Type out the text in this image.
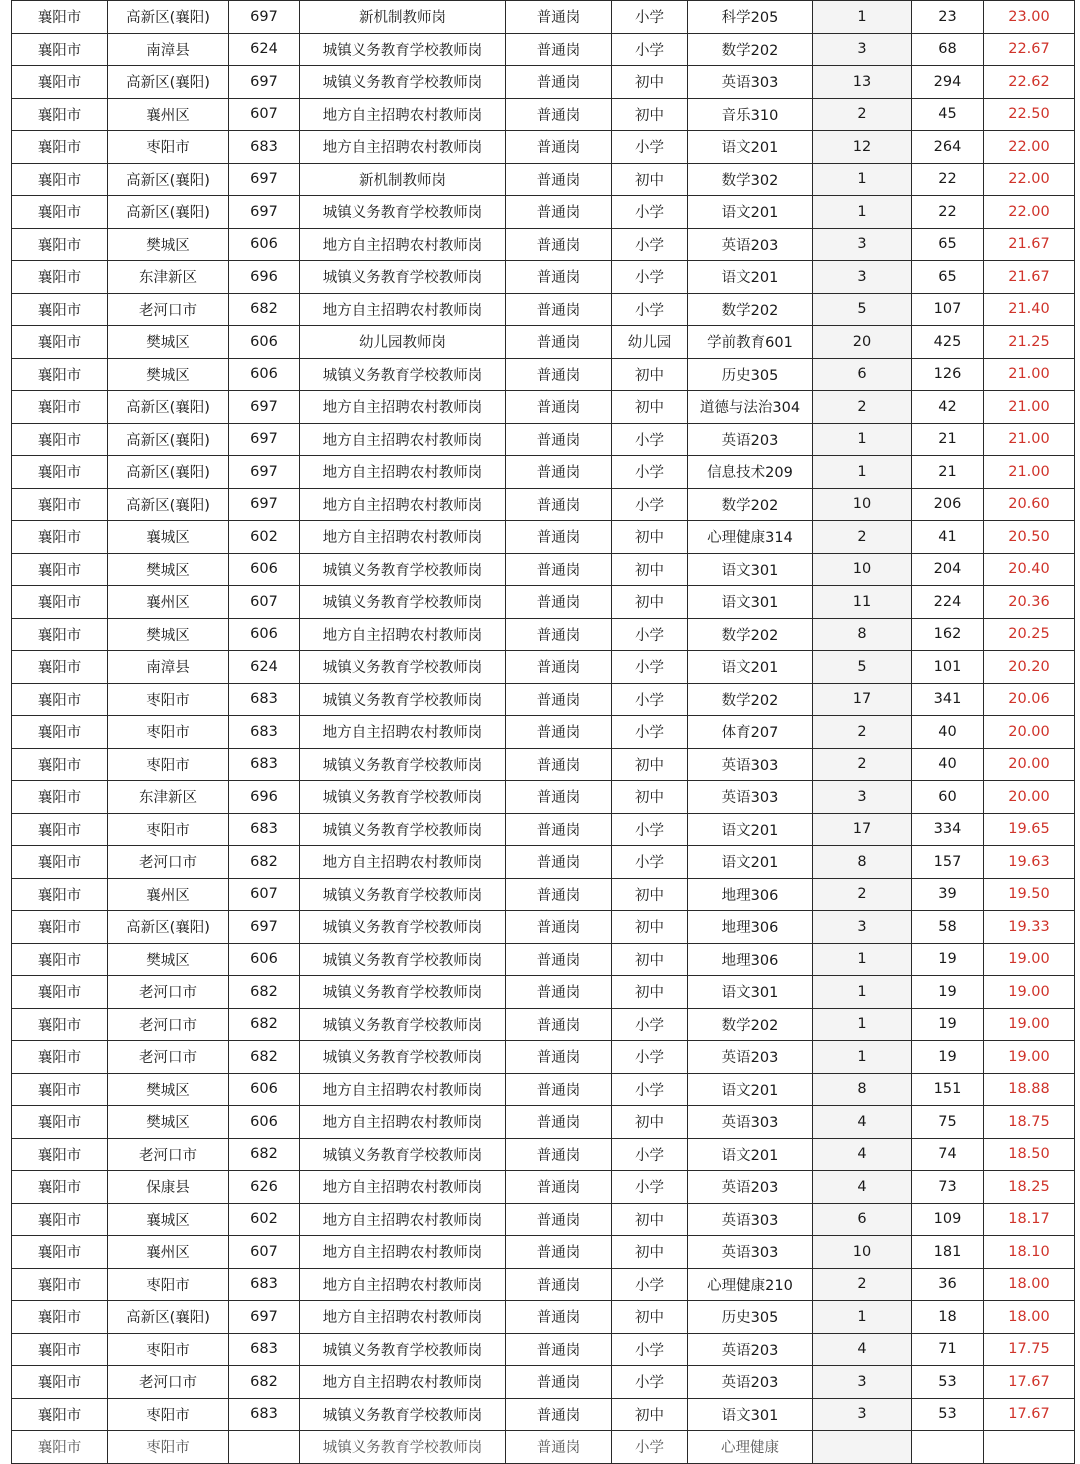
襄阳市	高新区(襄阳)	697	新机制教师岗	普通岗	小学	科学205	1	23	23.00
襄阳市	南漳县	624	城镇义务教育学校教师岗	普通岗	小学	数学202	3	68	22.67
襄阳市	高新区(襄阳)	697	城镇义务教育学校教师岗	普通岗	初中	英语303	13	294	22.62
襄阳市	襄州区	607	地方自主招聘农村教师岗	普通岗	初中	音乐310	2	45	22.50
襄阳市	枣阳市	683	地方自主招聘农村教师岗	普通岗	小学	语文201	12	264	22.00
襄阳市	高新区(襄阳)	697	新机制教师岗	普通岗	初中	数学302	1	22	22.00
襄阳市	高新区(襄阳)	697	城镇义务教育学校教师岗	普通岗	小学	语文201	1	22	22.00
襄阳市	樊城区	606	地方自主招聘农村教师岗	普通岗	小学	英语203	3	65	21.67
襄阳市	东津新区	696	城镇义务教育学校教师岗	普通岗	小学	语文201	3	65	21.67
襄阳市	老河口市	682	地方自主招聘农村教师岗	普通岗	小学	数学202	5	107	21.40
襄阳市	樊城区	606	幼儿园教师岗	普通岗	幼儿园	学前教育601	20	425	21.25
襄阳市	樊城区	606	城镇义务教育学校教师岗	普通岗	初中	历史305	6	126	21.00
襄阳市	高新区(襄阳)	697	地方自主招聘农村教师岗	普通岗	初中	道德与法治304	2	42	21.00
襄阳市	高新区(襄阳)	697	地方自主招聘农村教师岗	普通岗	小学	英语203	1	21	21.00
襄阳市	高新区(襄阳)	697	地方自主招聘农村教师岗	普通岗	小学	信息技术209	1	21	21.00
襄阳市	高新区(襄阳)	697	地方自主招聘农村教师岗	普通岗	小学	数学202	10	206	20.60
襄阳市	襄城区	602	地方自主招聘农村教师岗	普通岗	初中	心理健康314	2	41	20.50
襄阳市	樊城区	606	城镇义务教育学校教师岗	普通岗	初中	语文301	10	204	20.40
襄阳市	襄州区	607	城镇义务教育学校教师岗	普通岗	初中	语文301	11	224	20.36
襄阳市	樊城区	606	地方自主招聘农村教师岗	普通岗	小学	数学202	8	162	20.25
襄阳市	南漳县	624	城镇义务教育学校教师岗	普通岗	小学	语文201	5	101	20.20
襄阳市	枣阳市	683	城镇义务教育学校教师岗	普通岗	小学	数学202	17	341	20.06
襄阳市	枣阳市	683	地方自主招聘农村教师岗	普通岗	小学	体育207	2	40	20.00
襄阳市	枣阳市	683	城镇义务教育学校教师岗	普通岗	初中	英语303	2	40	20.00
襄阳市	东津新区	696	城镇义务教育学校教师岗	普通岗	初中	英语303	3	60	20.00
襄阳市	枣阳市	683	城镇义务教育学校教师岗	普通岗	小学	语文201	17	334	19.65
襄阳市	老河口市	682	地方自主招聘农村教师岗	普通岗	小学	语文201	8	157	19.63
襄阳市	襄州区	607	城镇义务教育学校教师岗	普通岗	初中	地理306	2	39	19.50
襄阳市	高新区(襄阳)	697	城镇义务教育学校教师岗	普通岗	初中	地理306	3	58	19.33
襄阳市	樊城区	606	城镇义务教育学校教师岗	普通岗	初中	地理306	1	19	19.00
襄阳市	老河口市	682	城镇义务教育学校教师岗	普通岗	初中	语文301	1	19	19.00
襄阳市	老河口市	682	城镇义务教育学校教师岗	普通岗	小学	数学202	1	19	19.00
襄阳市	老河口市	682	城镇义务教育学校教师岗	普通岗	小学	英语203	1	19	19.00
襄阳市	樊城区	606	地方自主招聘农村教师岗	普通岗	小学	语文201	8	151	18.88
襄阳市	樊城区	606	地方自主招聘农村教师岗	普通岗	初中	英语303	4	75	18.75
襄阳市	老河口市	682	城镇义务教育学校教师岗	普通岗	小学	语文201	4	74	18.50
襄阳市	保康县	626	地方自主招聘农村教师岗	普通岗	小学	英语203	4	73	18.25
襄阳市	襄城区	602	地方自主招聘农村教师岗	普通岗	初中	英语303	6	109	18.17
襄阳市	襄州区	607	地方自主招聘农村教师岗	普通岗	初中	英语303	10	181	18.10
襄阳市	枣阳市	683	地方自主招聘农村教师岗	普通岗	小学	心理健康210	2	36	18.00
襄阳市	高新区(襄阳)	697	地方自主招聘农村教师岗	普通岗	初中	历史305	1	18	18.00
襄阳市	枣阳市	683	城镇义务教育学校教师岗	普通岗	小学	英语203	4	71	17.75
襄阳市	老河口市	682	地方自主招聘农村教师岗	普通岗	小学	英语203	3	53	17.67
襄阳市	枣阳市	683	城镇义务教育学校教师岗	普通岗	初中	语文301	3	53	17.67
襄阳市	枣阳市		城镇义务教育学校教师岗	普通岗	小学	心理健康			
